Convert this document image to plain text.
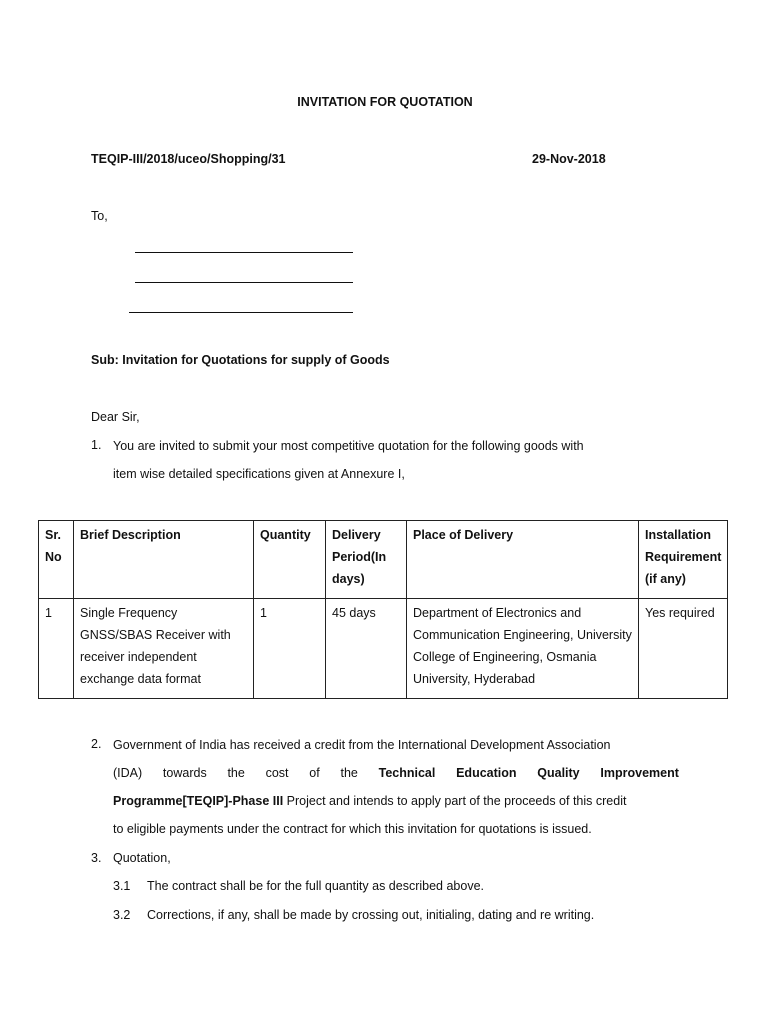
INVITATION FOR QUOTATION
TEQIP-III/2018/uceo/Shopping/31	29-Nov-2018
To,
Sub: Invitation for Quotations for supply of Goods
Dear Sir,
1. You are invited to submit your most competitive quotation for the following goods with
item wise detailed specifications given at Annexure I,
Sr. No	Brief Description	Quantity	Delivery Period(In days)	Place of Delivery	Installation Requirement (if any)
1	Single Frequency GNSS/SBAS Receiver with receiver independent exchange data format	1	45 days	Department of Electronics and Communication Engineering, University College of Engineering, Osmania University, Hyderabad	Yes required
2. Government of India has received a credit from the International Development Association
(IDA) towards the cost of the Technical Education Quality Improvement
Programme[TEQIP]-Phase III Project and intends to apply part of the proceeds of this credit
to eligible payments under the contract for which this invitation for quotations is issued.
3. Quotation,
3.1 The contract shall be for the full quantity as described above.
3.2 Corrections, if any, shall be made by crossing out, initialing, dating and re writing.
